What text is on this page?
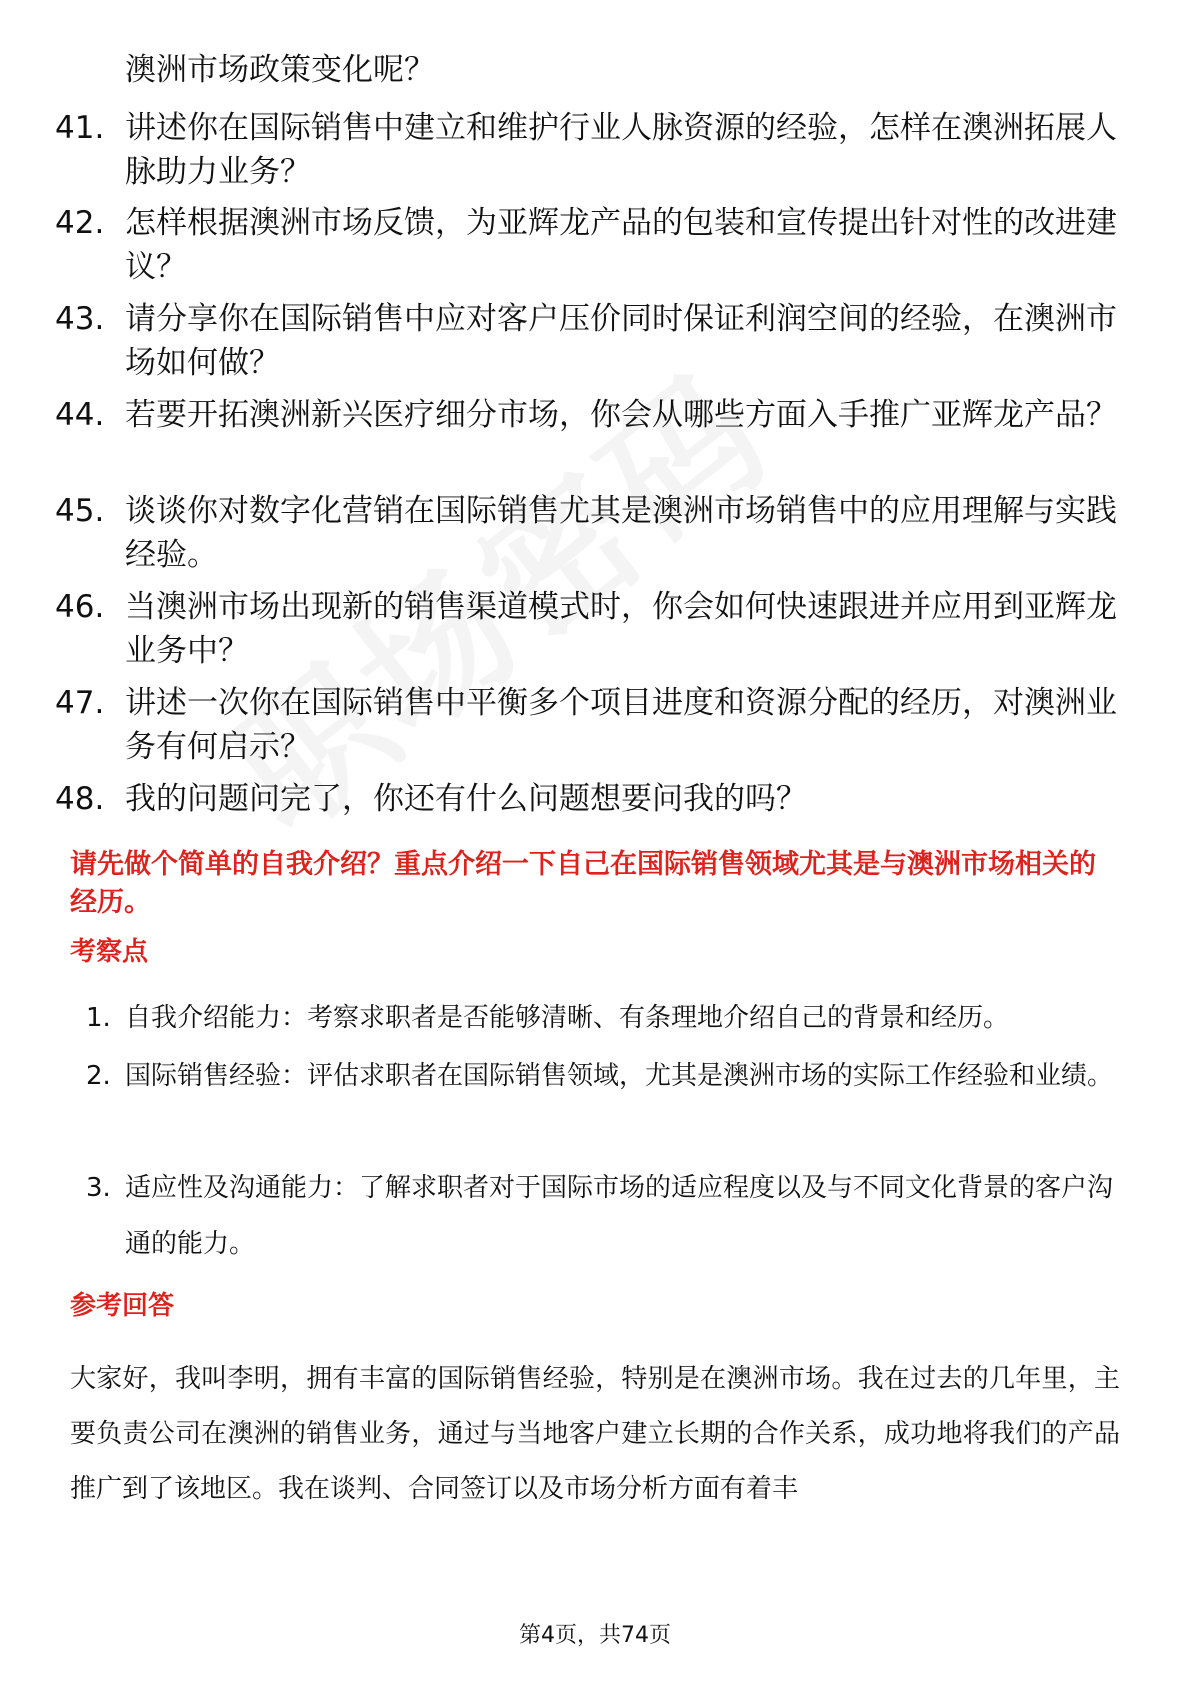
澳洲市场政策变化呢？
41. 讲述你在国际销售中建立和维护行业人脉资源的经验，怎样在澳洲拓展人脉助力业务？
42. 怎样根据澳洲市场反馈，为亚辉龙产品的包装和宣传提出针对性的改进建议？
43. 请分享你在国际销售中应对客户压价同时保证利润空间的经验，在澳洲市场如何做？
44. 若要开拓澳洲新兴医疗细分市场，你会从哪些方面入手推广亚辉龙产品？
45. 谈谈你对数字化营销在国际销售尤其是澳洲市场销售中的应用理解与实践经验。
46. 当澳洲市场出现新的销售渠道模式时，你会如何快速跟进并应用到亚辉龙业务中？
47. 讲述一次你在国际销售中平衡多个项目进度和资源分配的经历，对澳洲业务有何启示？
48. 我的问题问完了，你还有什么问题想要问我的吗？
请先做个简单的自我介绍？重点介绍一下自己在国际销售领域尤其是与澳洲市场相关的经历。
考察点
1. 自我介绍能力：考察求职者是否能够清晰、有条理地介绍自己的背景和经历。
2. 国际销售经验：评估求职者在国际销售领域，尤其是澳洲市场的实际工作经验和业绩。
3. 适应性及沟通能力：了解求职者对于国际市场的适应程度以及与不同文化背景的客户沟通的能力。
参考回答
大家好，我叫李明，拥有丰富的国际销售经验，特别是在澳洲市场。我在过去的几年里，主要负责公司在澳洲的销售业务，通过与当地客户建立长期的合作关系，成功地将我们的产品推广到了该地区。我在谈判、合同签订以及市场分析方面有着丰
第4页，共74页
